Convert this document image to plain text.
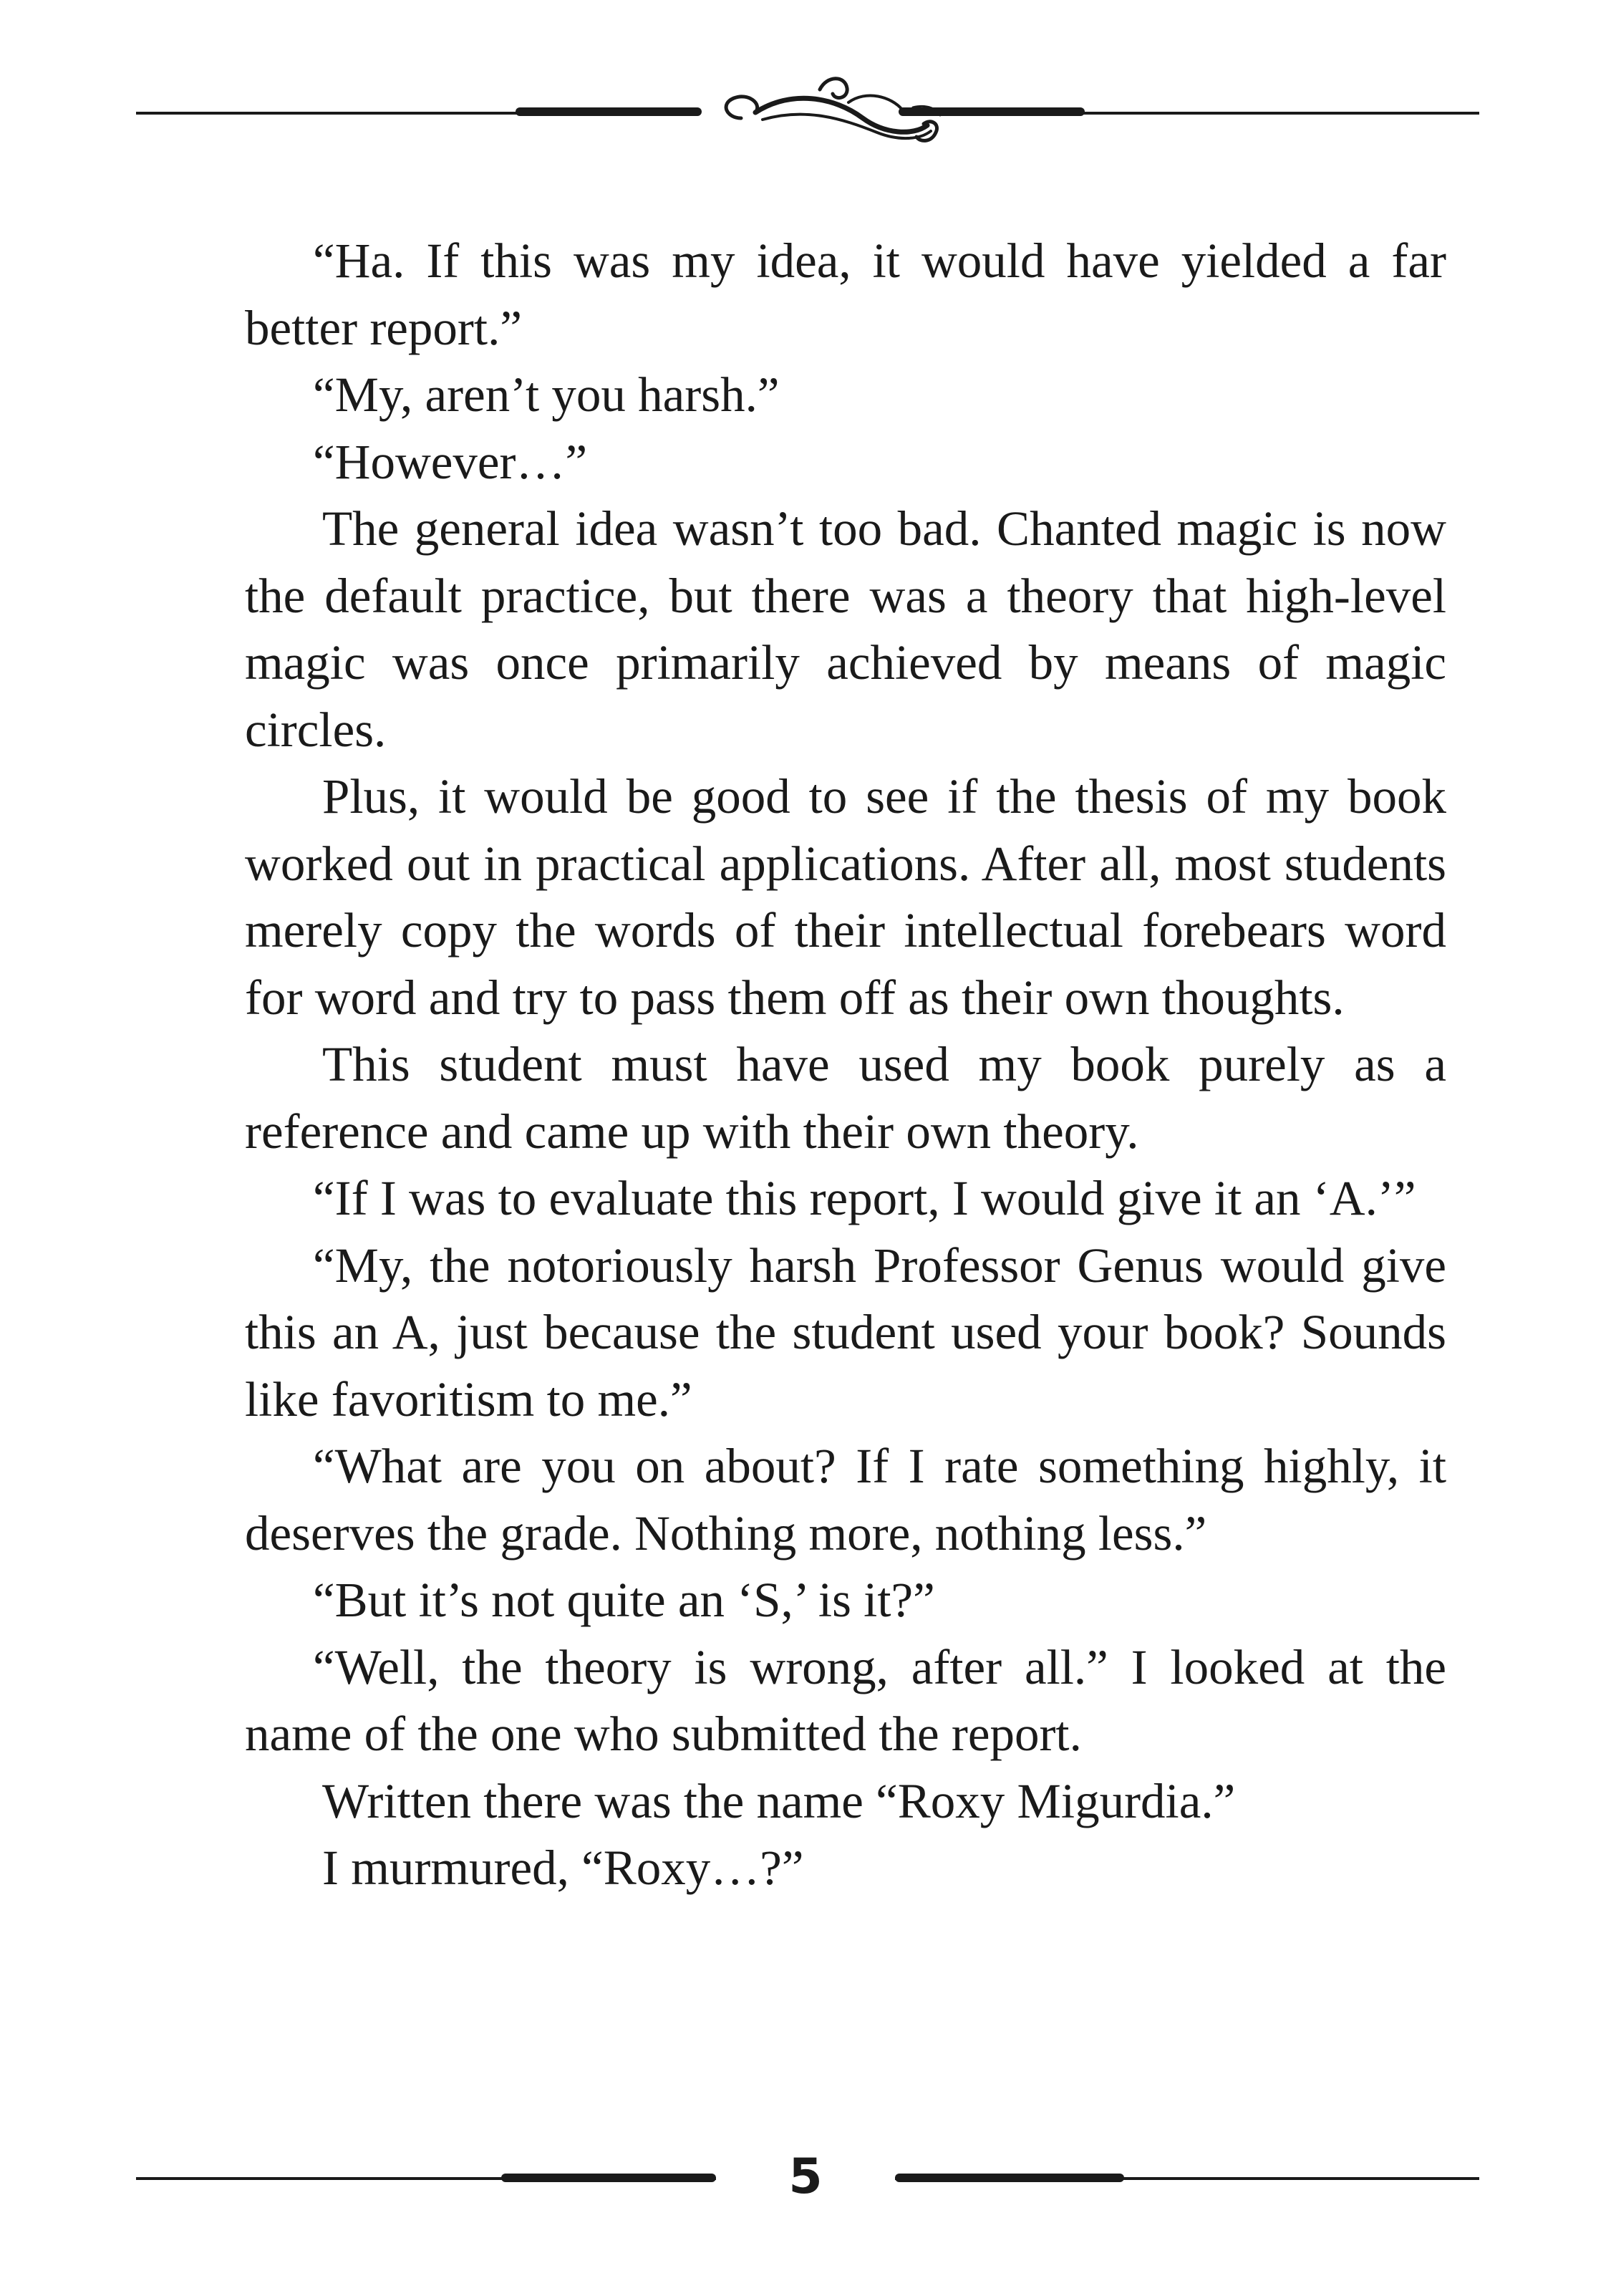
“Ha. If this was my idea, it would have yielded a far better report.”

“My, aren’t you harsh.”

“However…”

The general idea wasn’t too bad. Chanted magic is now the default practice, but there was a theory that high-level magic was once primarily achieved by means of magic circles.

Plus, it would be good to see if the thesis of my book worked out in practical applications. After all, most students merely copy the words of their intellectual forebears word for word and try to pass them off as their own thoughts.

This student must have used my book purely as a reference and came up with their own theory.

“If I was to evaluate this report, I would give it an ‘A.’”

“My, the notoriously harsh Professor Genus would give this an A, just because the student used your book? Sounds like favoritism to me.”

“What are you on about? If I rate something highly, it deserves the grade. Nothing more, nothing less.”

“But it’s not quite an ‘S,’ is it?”

“Well, the theory is wrong, after all.” I looked at the name of the one who submitted the report.

Written there was the name “Roxy Migurdia.”

I murmured, “Roxy…?”

5
